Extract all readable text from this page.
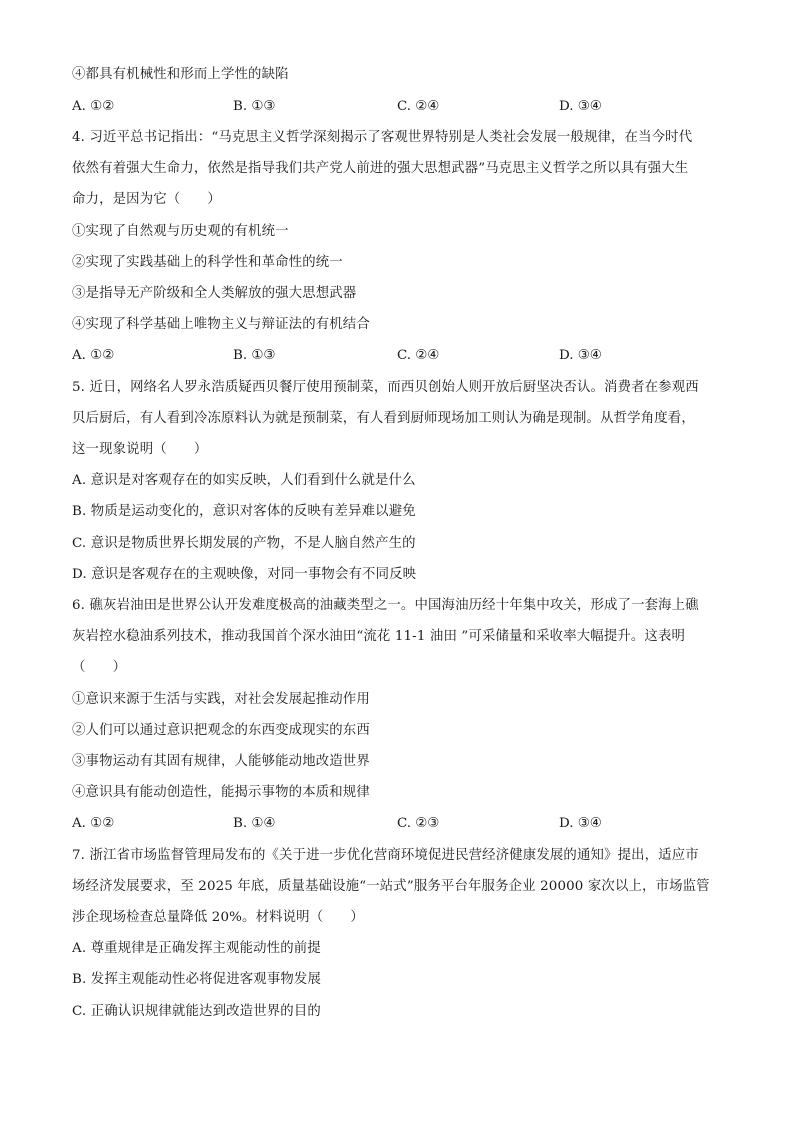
④都具有机械性和形而上学性的缺陷
A. ①②	B. ①③	C. ②④	D. ③④
4. 习近平总书记指出：“马克思主义哲学深刻揭示了客观世界特别是人类社会发展一般规律，在当今时代
依然有着强大生命力，依然是指导我们共产党人前进的强大思想武器”马克思主义哲学之所以具有强大生
命力，是因为它（　　）
①实现了自然观与历史观的有机统一
②实现了实践基础上的科学性和革命性的统一
③是指导无产阶级和全人类解放的强大思想武器
④实现了科学基础上唯物主义与辩证法的有机结合
A. ①②	B. ①③	C. ②④	D. ③④
5. 近日，网络名人罗永浩质疑西贝餐厅使用预制菜，而西贝创始人则开放后厨坚决否认。消费者在参观西
贝后厨后，有人看到冷冻原料认为就是预制菜，有人看到厨师现场加工则认为确是现制。从哲学角度看，
这一现象说明（　　）
A. 意识是对客观存在的如实反映，人们看到什么就是什么
B. 物质是运动变化的，意识对客体的反映有差异难以避免
C. 意识是物质世界长期发展的产物，不是人脑自然产生的
D. 意识是客观存在的主观映像，对同一事物会有不同反映
6. 礁灰岩油田是世界公认开发难度极高的油藏类型之一。中国海油历经十年集中攻关，形成了一套海上礁
灰岩控水稳油系列技术，推动我国首个深水油田“流花 11-1 油田 ”可采储量和采收率大幅提升。这表明
（　　）
①意识来源于生活与实践，对社会发展起推动作用
②人们可以通过意识把观念的东西变成现实的东西
③事物运动有其固有规律，人能够能动地改造世界
④意识具有能动创造性，能揭示事物的本质和规律
A. ①②	B. ①④	C. ②③	D. ③④
7. 浙江省市场监督管理局发布的《关于进一步优化营商环境促进民营经济健康发展的通知》提出，适应市
场经济发展要求，至 2025 年底，质量基础设施“一站式”服务平台年服务企业 20000 家次以上，市场监管
涉企现场检查总量降低 20%。材料说明（　　）
A. 尊重规律是正确发挥主观能动性的前提
B. 发挥主观能动性必将促进客观事物发展
C. 正确认识规律就能达到改造世界的目的
